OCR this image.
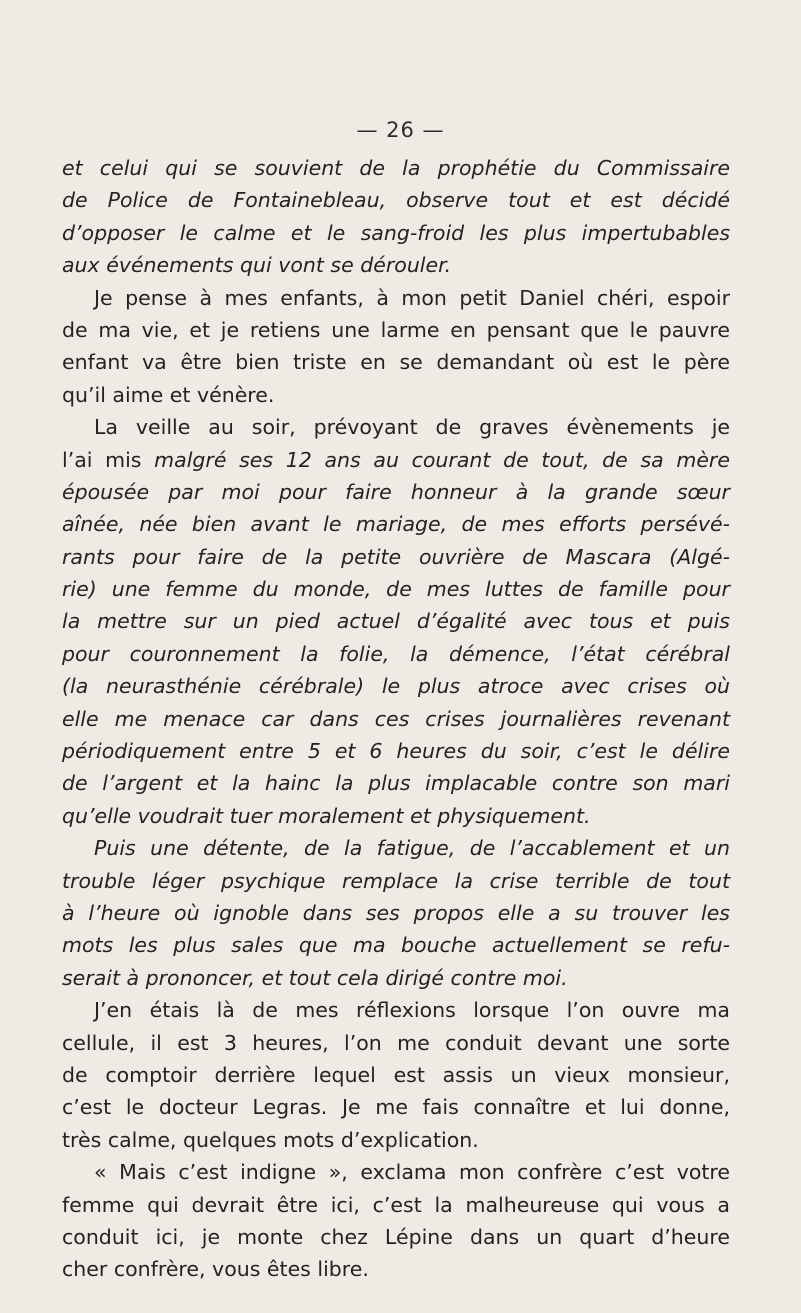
— 26 —
et celui qui se souvient de la prophétie du Commissaire
de Police de Fontainebleau, observe tout et est décidé
d’opposer le calme et le sang-froid les plus impertubables
aux événements qui vont se dérouler.
Je pense à mes enfants, à mon petit Daniel chéri, espoir
de ma vie, et je retiens une larme en pensant que le pauvre
enfant va être bien triste en se demandant où est le père
qu’il aime et vénère.
La veille au soir, prévoyant de graves évènements je
l’ai mis malgré ses 12 ans au courant de tout, de sa mère
épousée par moi pour faire honneur à la grande sœur
aînée, née bien avant le mariage, de mes efforts persévé-
rants pour faire de la petite ouvrière de Mascara (Algé-
rie) une femme du monde, de mes luttes de famille pour
la mettre sur un pied actuel d’égalité avec tous et puis
pour couronnement la folie, la démence, l’état cérébral
(la neurasthénie cérébrale) le plus atroce avec crises où
elle me menace car dans ces crises journalières revenant
périodiquement entre 5 et 6 heures du soir, c’est le délire
de l’argent et la hainc la plus implacable contre son mari
qu’elle voudrait tuer moralement et physiquement.
Puis une détente, de la fatigue, de l’accablement et un
trouble léger psychique remplace la crise terrible de tout
à l’heure où ignoble dans ses propos elle a su trouver les
mots les plus sales que ma bouche actuellement se refu-
serait à prononcer, et tout cela dirigé contre moi.
J’en étais là de mes réflexions lorsque l’on ouvre ma
cellule, il est 3 heures, l’on me conduit devant une sorte
de comptoir derrière lequel est assis un vieux monsieur,
c’est le docteur Legras. Je me fais connaître et lui donne,
très calme, quelques mots d’explication.
« Mais c’est indigne », exclama mon confrère c’est votre
femme qui devrait être ici, c’est la malheureuse qui vous a
conduit ici, je monte chez Lépine dans un quart d’heure
cher confrère, vous êtes libre.
